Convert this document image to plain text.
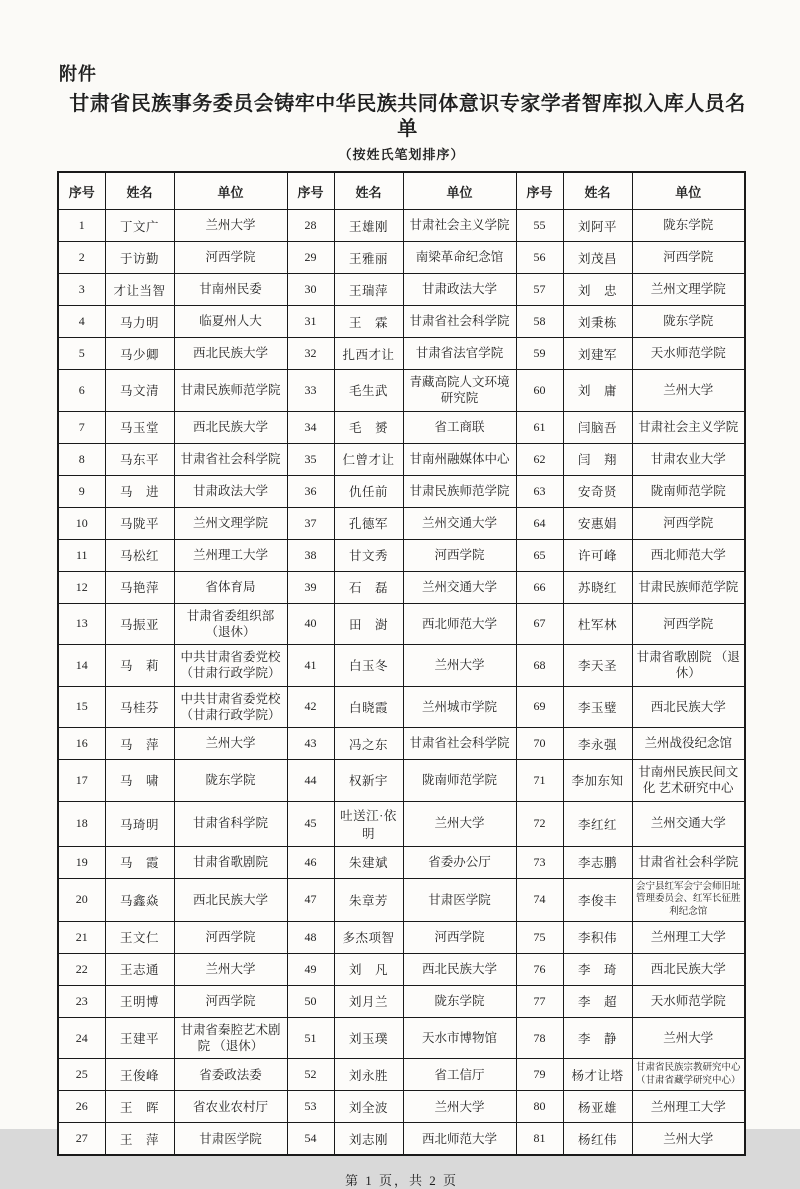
附件
甘肃省民族事务委员会铸牢中华民族共同体意识专家学者智库拟入库人员名单
（按姓氏笔划排序）
序号	姓名	单位	序号	姓名	单位	序号	姓名	单位
1	丁文广	兰州大学	28	王雄刚	甘肃社会主义学院	55	刘阿平	陇东学院
2	于访勤	河西学院	29	王雅丽	南梁革命纪念馆	56	刘茂昌	河西学院
3	才让当智	甘南州民委	30	王瑞萍	甘肃政法大学	57	刘　忠	兰州文理学院
4	马力明	临夏州人大	31	王　霖	甘肃省社会科学院	58	刘秉栋	陇东学院
5	马少卿	西北民族大学	32	扎西才让	甘肃省法官学院	59	刘建军	天水师范学院
6	马文清	甘肃民族师范学院	33	毛生武	青藏高院人文环境 研究院	60	刘　庸	兰州大学
7	马玉堂	西北民族大学	34	毛　赟	省工商联	61	闫脑吾	甘肃社会主义学院
8	马东平	甘肃省社会科学院	35	仁曾才让	甘南州融媒体中心	62	闫　翔	甘肃农业大学
9	马　进	甘肃政法大学	36	仇任前	甘肃民族师范学院	63	安奇贤	陇南师范学院
10	马陇平	兰州文理学院	37	孔德军	兰州交通大学	64	安惠娟	河西学院
11	马松红	兰州理工大学	38	甘文秀	河西学院	65	许可峰	西北师范大学
12	马艳萍	省体育局	39	石　磊	兰州交通大学	66	苏晓红	甘肃民族师范学院
13	马振亚	甘肃省委组织部 （退休）	40	田　澍	西北师范大学	67	杜军林	河西学院
14	马　莉	中共甘肃省委党校 （甘肃行政学院）	41	白玉冬	兰州大学	68	李天圣	甘肃省歌剧院 （退休）
15	马桂芬	中共甘肃省委党校 （甘肃行政学院）	42	白晓霞	兰州城市学院	69	李玉璧	西北民族大学
16	马　萍	兰州大学	43	冯之东	甘肃省社会科学院	70	李永强	兰州战役纪念馆
17	马　啸	陇东学院	44	权新宇	陇南师范学院	71	李加东知	甘南州民族民间文化 艺术研究中心
18	马琦明	甘肃省科学院	45	吐送江·依明	兰州大学	72	李红红	兰州交通大学
19	马　霞	甘肃省歌剧院	46	朱建斌	省委办公厅	73	李志鹏	甘肃省社会科学院
20	马鑫焱	西北民族大学	47	朱章芳	甘肃医学院	74	李俊丰	会宁县红军会宁会师旧址管理委员会、红军长征胜利纪念馆
21	王文仁	河西学院	48	多杰项智	河西学院	75	李积伟	兰州理工大学
22	王志通	兰州大学	49	刘　凡	西北民族大学	76	李　琦	西北民族大学
23	王明博	河西学院	50	刘月兰	陇东学院	77	李　超	天水师范学院
24	王建平	甘肃省秦腔艺术剧院 （退休）	51	刘玉璞	天水市博物馆	78	李　静	兰州大学
25	王俊峰	省委政法委	52	刘永胜	省工信厅	79	杨才让塔	甘肃省民族宗教研究中心 （甘肃省藏学研究中心）
26	王　晖	省农业农村厅	53	刘全波	兰州大学	80	杨亚雄	兰州理工大学
27	王　萍	甘肃医学院	54	刘志刚	西北师范大学	81	杨红伟	兰州大学
第 1 页，共 2 页
